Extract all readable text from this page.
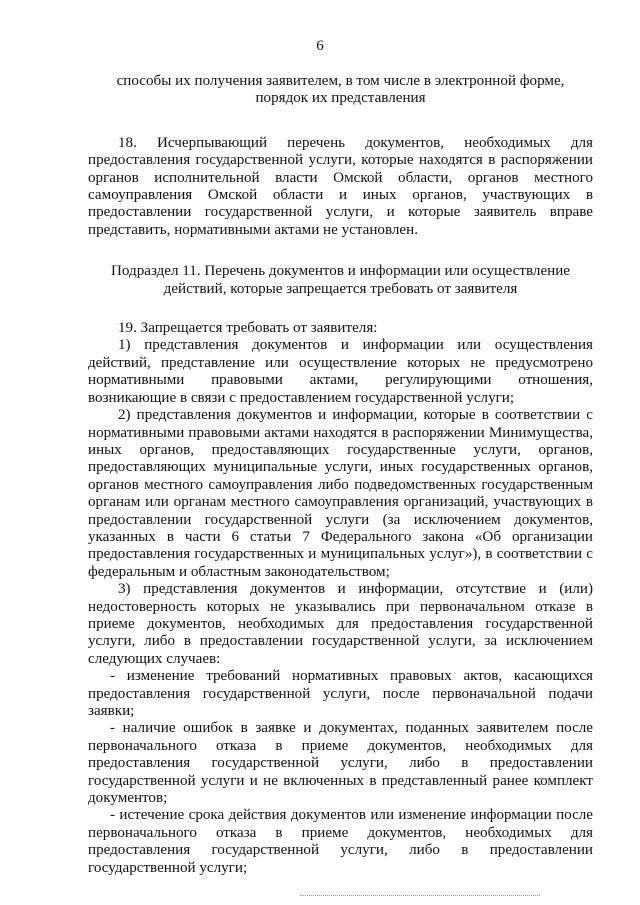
6
способы их получения заявителем, в том числе в электронной форме,
порядок их представления

18. Исчерпывающий перечень документов, необходимых для предоставления государственной услуги, которые находятся в распоряжении органов исполнительной власти Омской области, органов местного самоуправления Омской области и иных органов, участвующих в предоставлении государственной услуги, и которые заявитель вправе представить, нормативными актами не установлен.

Подраздел 11. Перечень документов и информации или осуществление
действий, которые запрещается требовать от заявителя

19. Запрещается требовать от заявителя:

1) представления документов и информации или осуществления действий, представление или осуществление которых не предусмотрено нормативными правовыми актами, регулирующими отношения, возникающие в связи с предоставлением государственной услуги;

2) представления документов и информации, которые в соответствии с нормативными правовыми актами находятся в распоряжении Минимущества, иных органов, предоставляющих государственные услуги, органов, предоставляющих муниципальные услуги, иных государственных органов, органов местного самоуправления либо подведомственных государственным органам или органам местного самоуправления организаций, участвующих в предоставлении государственной услуги (за исключением документов, указанных в части 6 статьи 7 Федерального закона «Об организации предоставления государственных и муниципальных услуг»), в соответствии с федеральным и областным законодательством;

3) представления документов и информации, отсутствие и (или) недостоверность которых не указывались при первоначальном отказе в приеме документов, необходимых для предоставления государственной услуги, либо в предоставлении государственной услуги, за исключением следующих случаев:

- изменение требований нормативных правовых актов, касающихся предоставления государственной услуги, после первоначальной подачи заявки;

- наличие ошибок в заявке и документах, поданных заявителем после первоначального отказа в приеме документов, необходимых для предоставления государственной услуги, либо в предоставлении государственной услуги и не включенных в представленный ранее комплект документов;

- истечение срока действия документов или изменение информации после первоначального отказа в приеме документов, необходимых для предоставления государственной услуги, либо в предоставлении государственной услуги;
